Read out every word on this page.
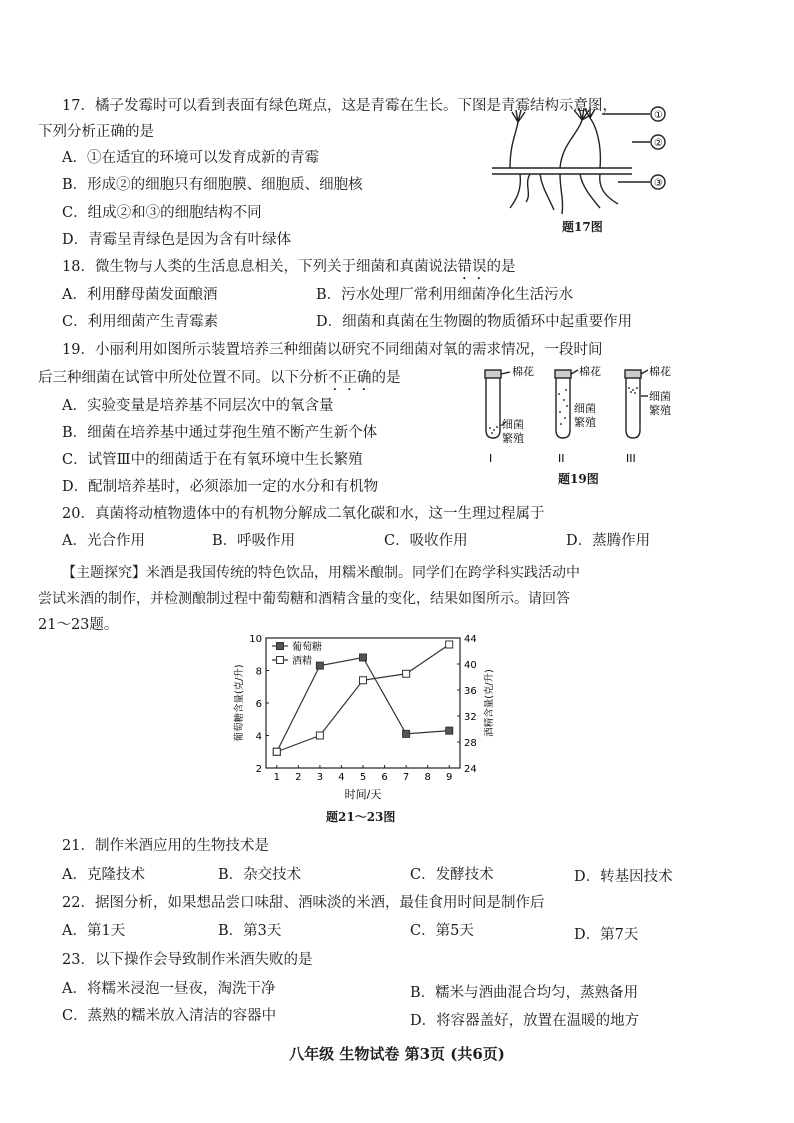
17．橘子发霉时可以看到表面有绿色斑点，这是青霉在生长。下图是青霉结构示意图，
下列分析正确的是
A．①在适宜的环境可以发育成新的青霉
B．形成②的细胞只有细胞膜、细胞质、细胞核
C．组成②和③的细胞结构不同
D．青霉呈青绿色是因为含有叶绿体
①
②
③
题17图
18．微生物与人类的生活息息相关，下列关于细菌和真菌说法错误的是
A．利用酵母菌发面酿酒	B．污水处理厂常利用细菌净化生活污水
C．利用细菌产生青霉素	D．细菌和真菌在生物圈的物质循环中起重要作用
19．小丽利用如图所示装置培养三种细菌以研究不同细菌对氧的需求情况，一段时间
后三种细菌在试管中所处位置不同。以下分析不正确的是
A．实验变量是培养基不同层次中的氧含量
B．细菌在培养基中通过芽孢生殖不断产生新个体
C．试管Ⅲ中的细菌适于在有氧环境中生长繁殖
D．配制培养基时，必须添加一定的水分和有机物
棉花
细菌
繁殖
棉花
细菌
繁殖
棉花
细菌
繁殖
I	II	III
题19图
20．真菌将动植物遗体中的有机物分解成二氧化碳和水，这一生理过程属于
A．光合作用	B．呼吸作用	C．吸收作用	D．蒸腾作用
【主题探究】米酒是我国传统的特色饮品，用糯米酿制。同学们在跨学科实践活动中
尝试米酒的制作，并检测酿制过程中葡萄糖和酒精含量的变化，结果如图所示。请回答
21～23题。
1 2 3 4 5 6 7 8 9
2
4
6
8
10
24
28
32
36
40
44
时间/天
葡萄糖含量(克/升)	酒精含量(克/升)
葡萄糖
酒精
题21～23图
21．制作米酒应用的生物技术是
A．克隆技术	B．杂交技术	C．发酵技术	D．转基因技术
22．据图分析，如果想品尝口味甜、酒味淡的米酒，最佳食用时间是制作后
A．第1天	B．第3天	C．第5天	D．第7天
23．以下操作会导致制作米酒失败的是
A．将糯米浸泡一昼夜，淘洗干净	B．糯米与酒曲混合均匀，蒸熟备用
C．蒸熟的糯米放入清洁的容器中	D．将容器盖好，放置在温暖的地方
八年级 生物试卷 第3页 (共6页)
